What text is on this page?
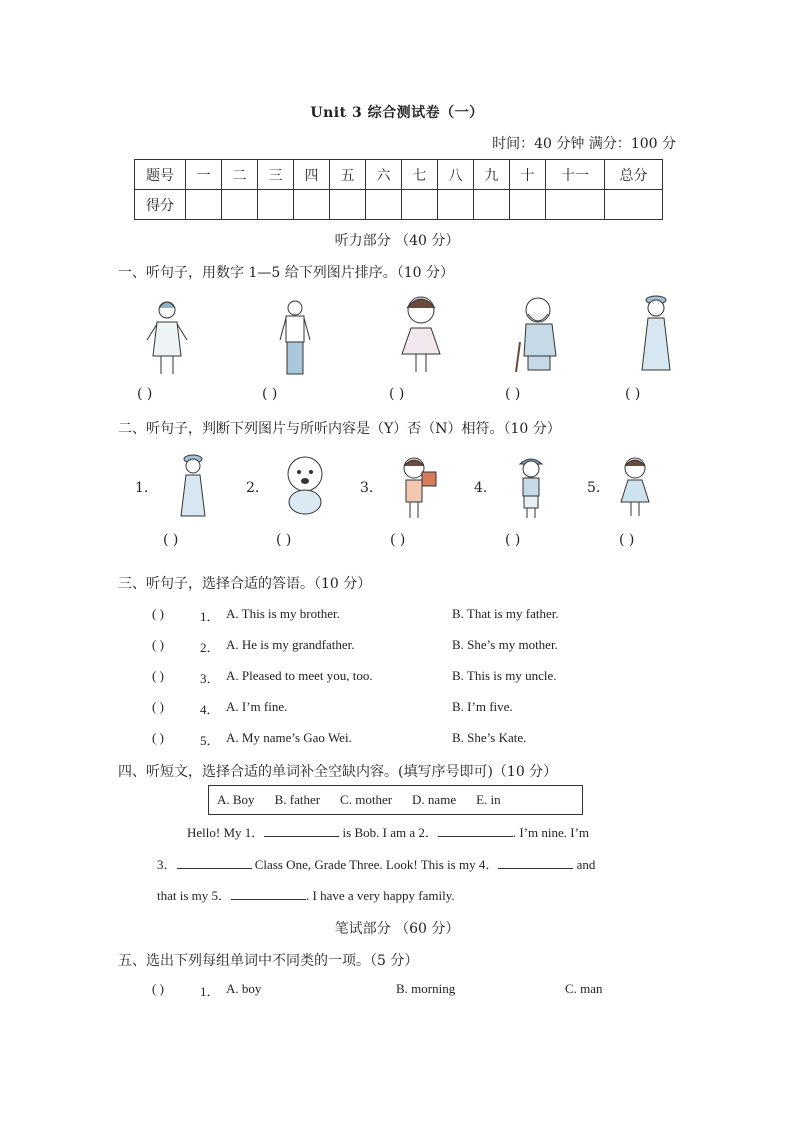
Unit 3 综合测试卷（一）
时间：40 分钟 满分：100 分
题号	一	二	三	四	五	六	七	八	九	十	十一	总分
得分												
听力部分 （40 分）
一、听句子，用数字 1—5 给下列图片排序。（10 分）
( )	( )	( )	( )	( )
二、听句子，判断下列图片与所听内容是（Y）否（N）相符。（10 分）
1.	2.	3.	4.	5.
( )	( )	( )	( )	( )
三、听句子，选择合适的答语。（10 分）
( )	1． A. This is my brother.	B. That is my father.
( )	2． A. He is my grandfather.	B. She’s my mother.
( )	3． A. Pleased to meet you, too.	B. This is my uncle.
( )	4． A. I’m fine.	B. I’m five.
( )	5． A. My name’s Gao Wei.	B. She’s Kate.
四、听短文，选择合适的单词补全空缺内容。(填写序号即可)（10 分）
A. Boy B. father C. mother D. name E. in
Hello! My 1．	is Bob. I am a 2．	. I’m nine. I’m
3．	Class One, Grade Three. Look! This is my 4．	and
that is my 5．	. I have a very happy family.
笔试部分 （60 分）
五、选出下列每组单词中不同类的一项。（5 分）
( )	1． A. boy	B. morning	C. man
